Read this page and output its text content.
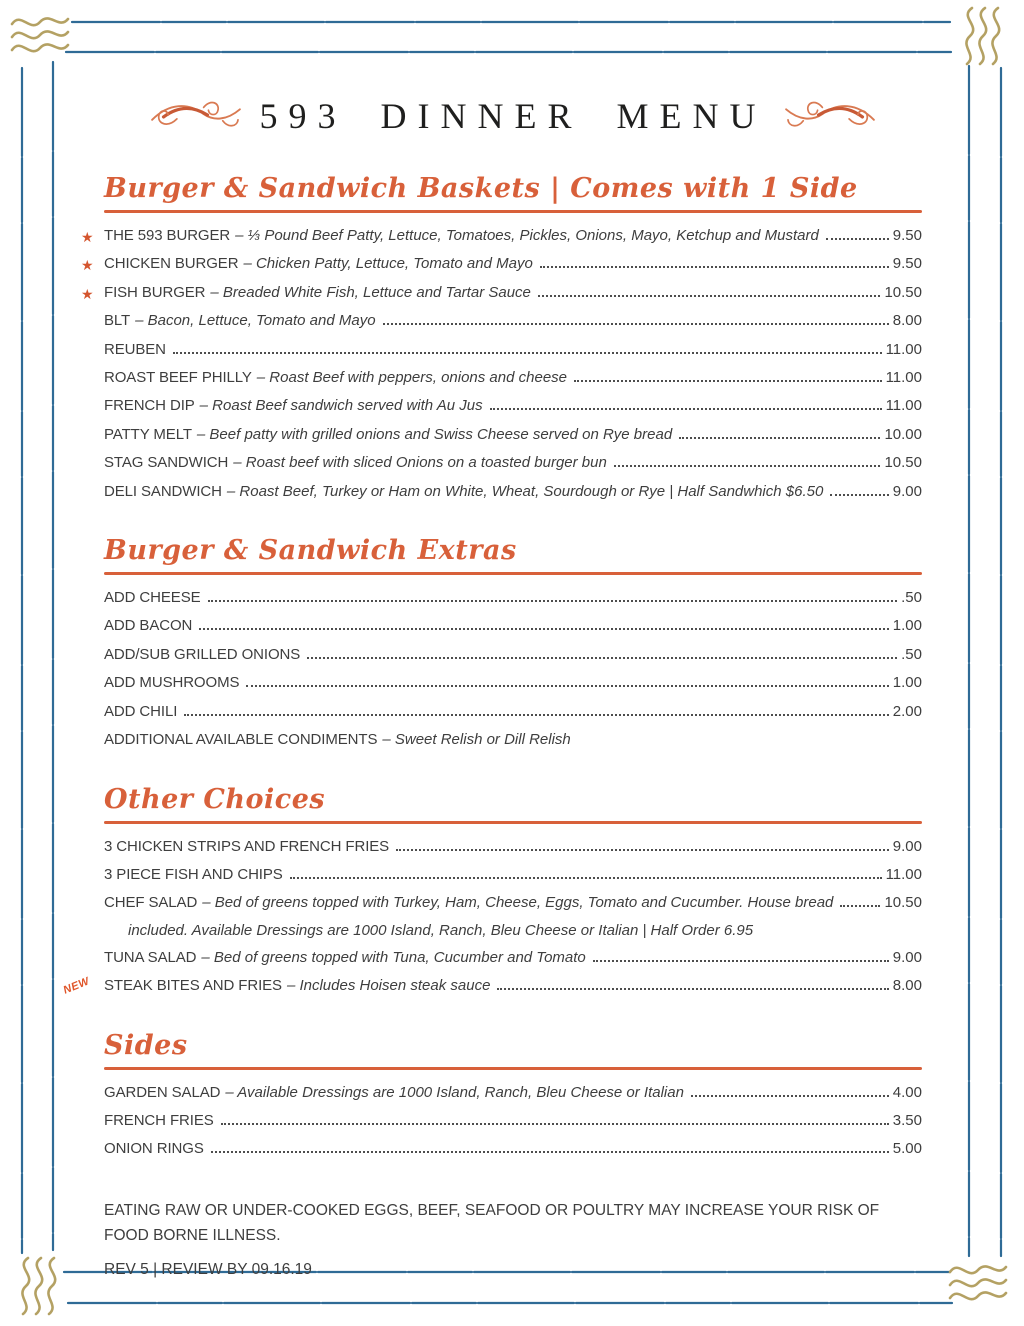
593 DINNER MENU
Burger & Sandwich Baskets | Comes with 1 Side
★ THE 593 BURGER – ⅓ Pound Beef Patty, Lettuce, Tomatoes, Pickles, Onions, Mayo, Ketchup and Mustard	9.50
★ CHICKEN BURGER – Chicken Patty, Lettuce, Tomato and Mayo	9.50
★ FISH BURGER – Breaded White Fish, Lettuce and Tartar Sauce	10.50
BLT – Bacon, Lettuce, Tomato and Mayo	8.00
REUBEN	11.00
ROAST BEEF PHILLY – Roast Beef with peppers, onions and cheese	11.00
FRENCH DIP – Roast Beef sandwich served with Au Jus	11.00
PATTY MELT – Beef patty with grilled onions and Swiss Cheese served on Rye bread	10.00
STAG SANDWICH – Roast beef with sliced Onions on a toasted burger bun	10.50
DELI SANDWICH – Roast Beef, Turkey or Ham on White, Wheat, Sourdough or Rye | Half Sandwhich $6.50	9.00
Burger & Sandwich Extras
ADD CHEESE	.50
ADD BACON	1.00
ADD/SUB GRILLED ONIONS	.50
ADD MUSHROOMS	1.00
ADD CHILI	2.00
ADDITIONAL AVAILABLE CONDIMENTS – Sweet Relish or Dill Relish
Other Choices
3 CHICKEN STRIPS AND FRENCH FRIES	9.00
3 PIECE FISH AND CHIPS	11.00
CHEF SALAD – Bed of greens topped with Turkey, Ham, Cheese, Eggs, Tomato and Cucumber. House bread	10.50
included. Available Dressings are 1000 Island, Ranch, Bleu Cheese or Italian | Half Order 6.95
TUNA SALAD – Bed of greens topped with Tuna, Cucumber and Tomato	9.00
NEW STEAK BITES AND FRIES – Includes Hoisen steak sauce	8.00
Sides
GARDEN SALAD – Available Dressings are 1000 Island, Ranch, Bleu Cheese or Italian	4.00
FRENCH FRIES	3.50
ONION RINGS	5.00
EATING RAW OR UNDER-COOKED EGGS, BEEF, SEAFOOD OR POULTRY MAY INCREASE YOUR RISK OF FOOD BORNE ILLNESS.
REV 5 | REVIEW BY 09.16.19
